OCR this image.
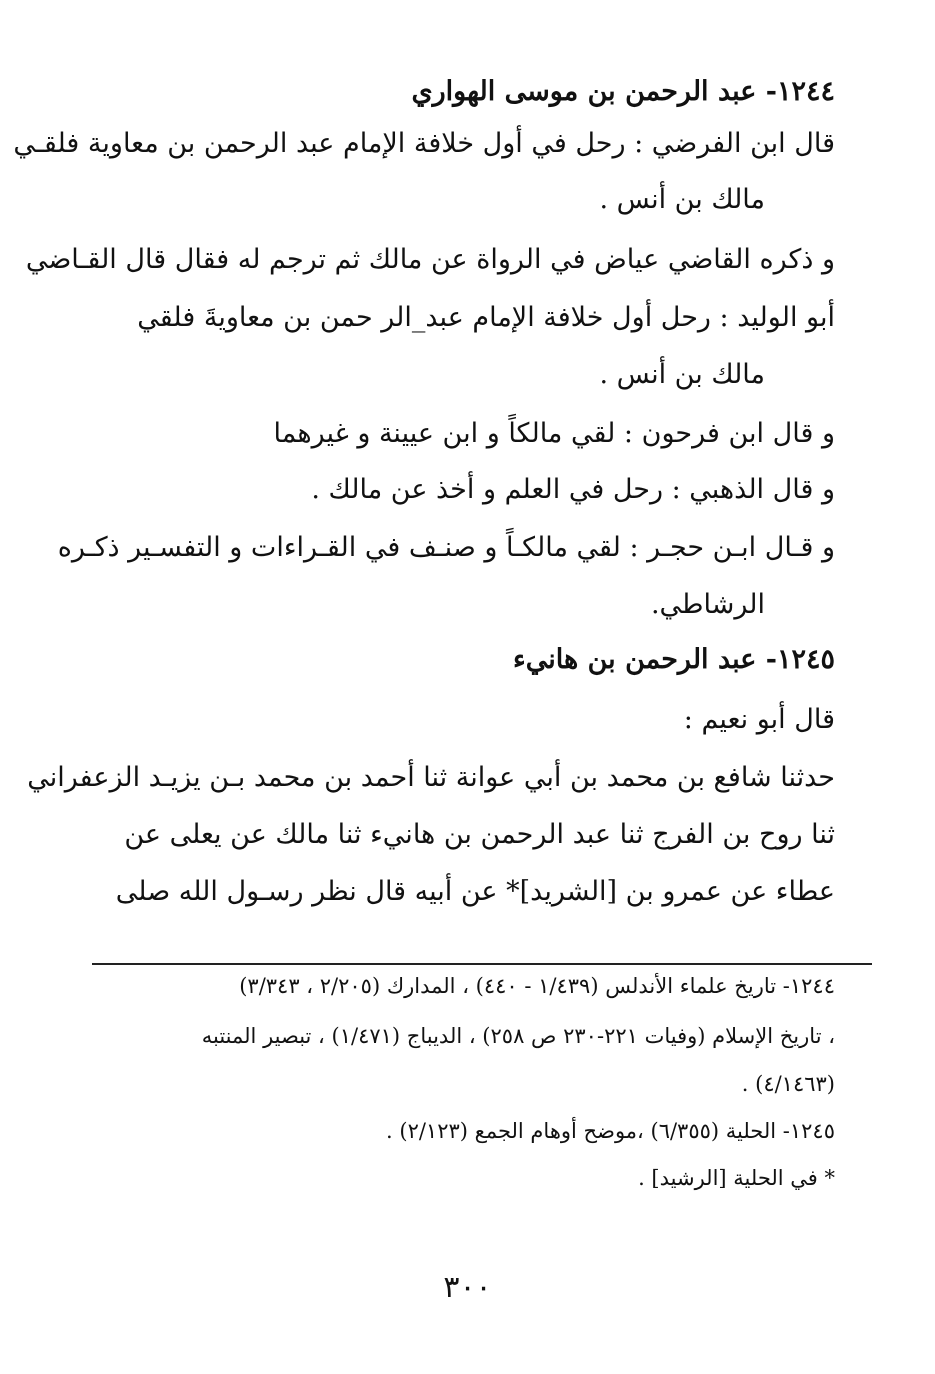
١٢٤٤- عبد الرحمن بن موسى الهواري
قال ابن الفرضي : رحل في أول خلافة الإمام عبد الرحمن بن معاوية فلقـي
مالك بن أنس .
و ذكره القاضي عياض في الرواة عن مالك ثم ترجم له فقال قال القـاضي
أبو الوليد : رحل أول خلافة الإمام عبد_الر حمن بن معاويةَ فلقي
مالك بن أنس .
و قال ابن فرحون : لقي مالكاً و ابن عيينة و غيرهما
و قال الذهبي : رحل في العلم و أخذ عن مالك .
و قـال ابـن حجـر : لقي مالكـاً و صنـف في القـراءات و التفسـير ذكـره
الرشاطي.
١٢٤٥- عبد الرحمن بن هانيء
قال أبو نعيم :
حدثنا شافع بن محمد بن أبي عوانة ثنا أحمد بن محمد بـن يزيـد الزعفراني
ثنا روح بن الفرج ثنا عبد الرحمن بن هانيء ثنا مالك عن يعلى عن
عطاء عن عمرو بن [الشريد]* عن أبيه قال نظر رسـول الله صلى
١٢٤٤- تاريخ علماء الأندلس (١/٤٣٩ - ٤٤٠) ، المدارك (٢/٢٠٥ ، ٣/٣٤٣)
، تاريخ الإسلام (وفيات ٢٢١-٢٣٠ ص ٢٥٨) ، الديباج (١/٤٧١) ، تبصير المنتبه
(٤/١٤٦٣) .
١٢٤٥- الحلية (٦/٣٥٥) ،موضح أوهام الجمع (٢/١٢٣) .
* في الحلية [الرشيد] .
٣٠٠
